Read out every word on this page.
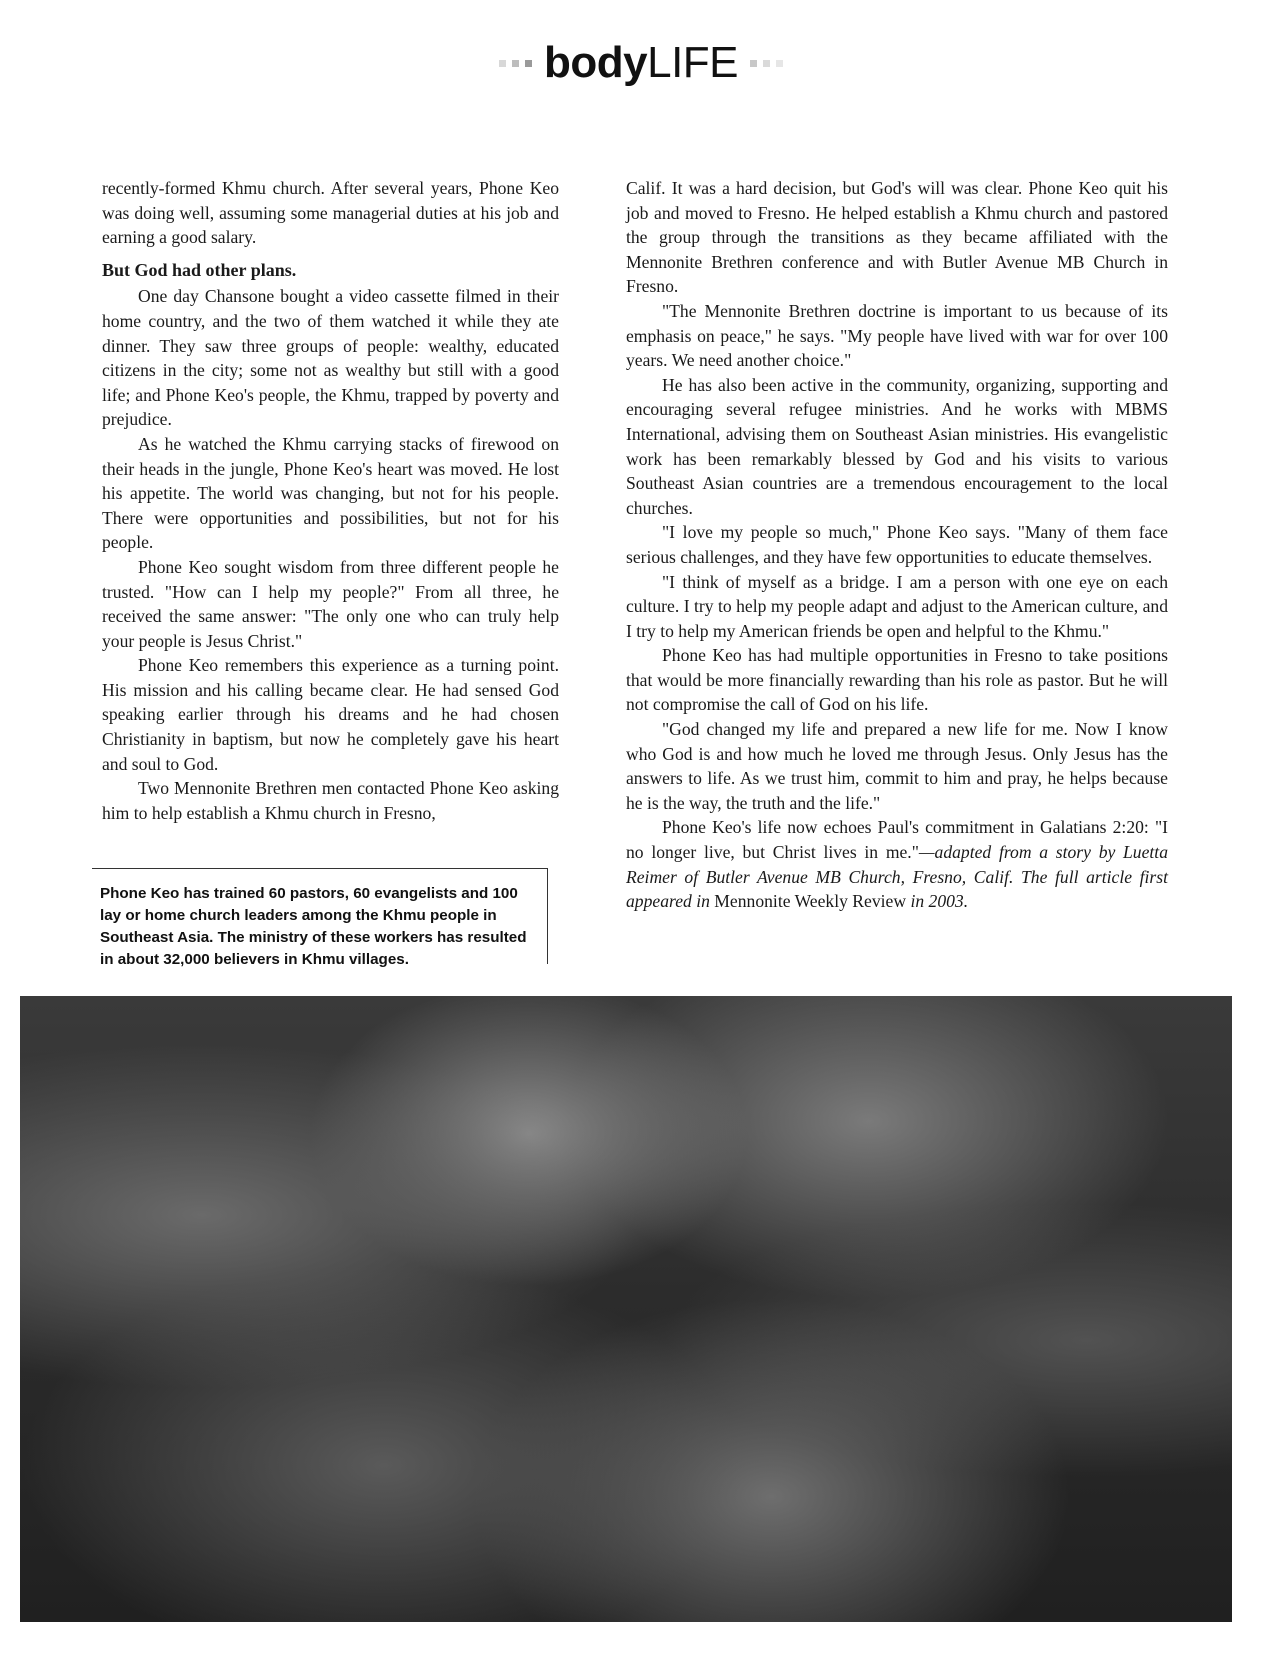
bodyLIFE

recently-formed Khmu church. After several years, Phone Keo was doing well, assuming some managerial duties at his job and earning a good salary.

But God had other plans.

One day Chansone bought a video cassette filmed in their home country, and the two of them watched it while they ate dinner. They saw three groups of people: wealthy, educated citizens in the city; some not as wealthy but still with a good life; and Phone Keo's people, the Khmu, trapped by poverty and prejudice.

As he watched the Khmu carrying stacks of firewood on their heads in the jungle, Phone Keo's heart was moved. He lost his appetite. The world was changing, but not for his people. There were opportunities and possibilities, but not for his people.

Phone Keo sought wisdom from three different people he trusted. "How can I help my people?" From all three, he received the same answer: "The only one who can truly help your people is Jesus Christ."

Phone Keo remembers this experience as a turning point. His mission and his calling became clear. He had sensed God speaking earlier through his dreams and he had chosen Christianity in baptism, but now he completely gave his heart and soul to God.

Two Mennonite Brethren men contacted Phone Keo asking him to help establish a Khmu church in Fresno,

Phone Keo has trained 60 pastors, 60 evangelists and 100 lay or home church leaders among the Khmu people in Southeast Asia. The ministry of these workers has resulted in about 32,000 believers in Khmu villages.

Calif. It was a hard decision, but God's will was clear. Phone Keo quit his job and moved to Fresno. He helped establish a Khmu church and pastored the group through the transitions as they became affiliated with the Mennonite Brethren conference and with Butler Avenue MB Church in Fresno.

"The Mennonite Brethren doctrine is important to us because of its emphasis on peace," he says. "My people have lived with war for over 100 years. We need another choice."

He has also been active in the community, organizing, supporting and encouraging several refugee ministries. And he works with MBMS International, advising them on Southeast Asian ministries. His evangelistic work has been remarkably blessed by God and his visits to various Southeast Asian countries are a tremendous encouragement to the local churches.

"I love my people so much," Phone Keo says. "Many of them face serious challenges, and they have few opportunities to educate themselves.

"I think of myself as a bridge. I am a person with one eye on each culture. I try to help my people adapt and adjust to the American culture, and I try to help my American friends be open and helpful to the Khmu."

Phone Keo has had multiple opportunities in Fresno to take positions that would be more financially rewarding than his role as pastor. But he will not compromise the call of God on his life.

"God changed my life and prepared a new life for me. Now I know who God is and how much he loved me through Jesus. Only Jesus has the answers to life. As we trust him, commit to him and pray, he helps because he is the way, the truth and the life."

Phone Keo's life now echoes Paul's commitment in Galatians 2:20: "I no longer live, but Christ lives in me."—adapted from a story by Luetta Reimer of Butler Avenue MB Church, Fresno, Calif. The full article first appeared in Mennonite Weekly Review in 2003.
